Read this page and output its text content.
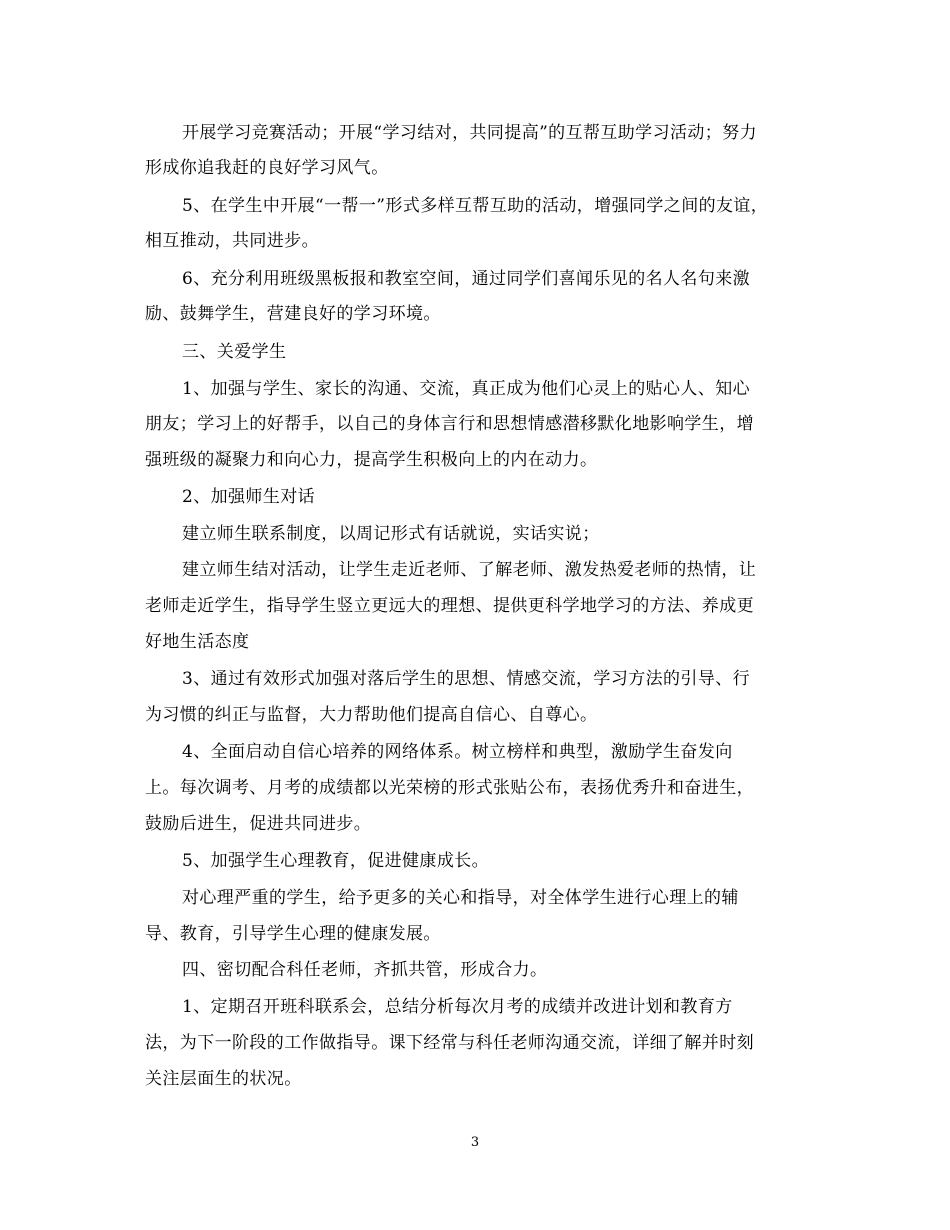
开展学习竞赛活动；开展“学习结对，共同提高”的互帮互助学习活动；努力
形成你追我赶的良好学习风气。
5、在学生中开展“一帮一”形式多样互帮互助的活动，增强同学之间的友谊，
相互推动，共同进步。
6、充分利用班级黑板报和教室空间，通过同学们喜闻乐见的名人名句来激
励、鼓舞学生，营建良好的学习环境。
三、关爱学生
1、加强与学生、家长的沟通、交流，真正成为他们心灵上的贴心人、知心
朋友；学习上的好帮手，以自己的身体言行和思想情感潜移默化地影响学生，增
强班级的凝聚力和向心力，提高学生积极向上的内在动力。
2、加强师生对话
建立师生联系制度，以周记形式有话就说，实话实说；
建立师生结对活动，让学生走近老师、了解老师、激发热爱老师的热情，让
老师走近学生，指导学生竖立更远大的理想、提供更科学地学习的方法、养成更
好地生活态度
3、通过有效形式加强对落后学生的思想、情感交流，学习方法的引导、行
为习惯的纠正与监督，大力帮助他们提高自信心、自尊心。
4、全面启动自信心培养的网络体系。树立榜样和典型，激励学生奋发向
上。每次调考、月考的成绩都以光荣榜的形式张贴公布，表扬优秀升和奋进生，
鼓励后进生，促进共同进步。
5、加强学生心理教育，促进健康成长。
对心理严重的学生，给予更多的关心和指导，对全体学生进行心理上的辅
导、教育，引导学生心理的健康发展。
四、密切配合科任老师，齐抓共管，形成合力。
1、定期召开班科联系会，总结分析每次月考的成绩并改进计划和教育方
法，为下一阶段的工作做指导。课下经常与科任老师沟通交流，详细了解并时刻
关注层面生的状况。
3
